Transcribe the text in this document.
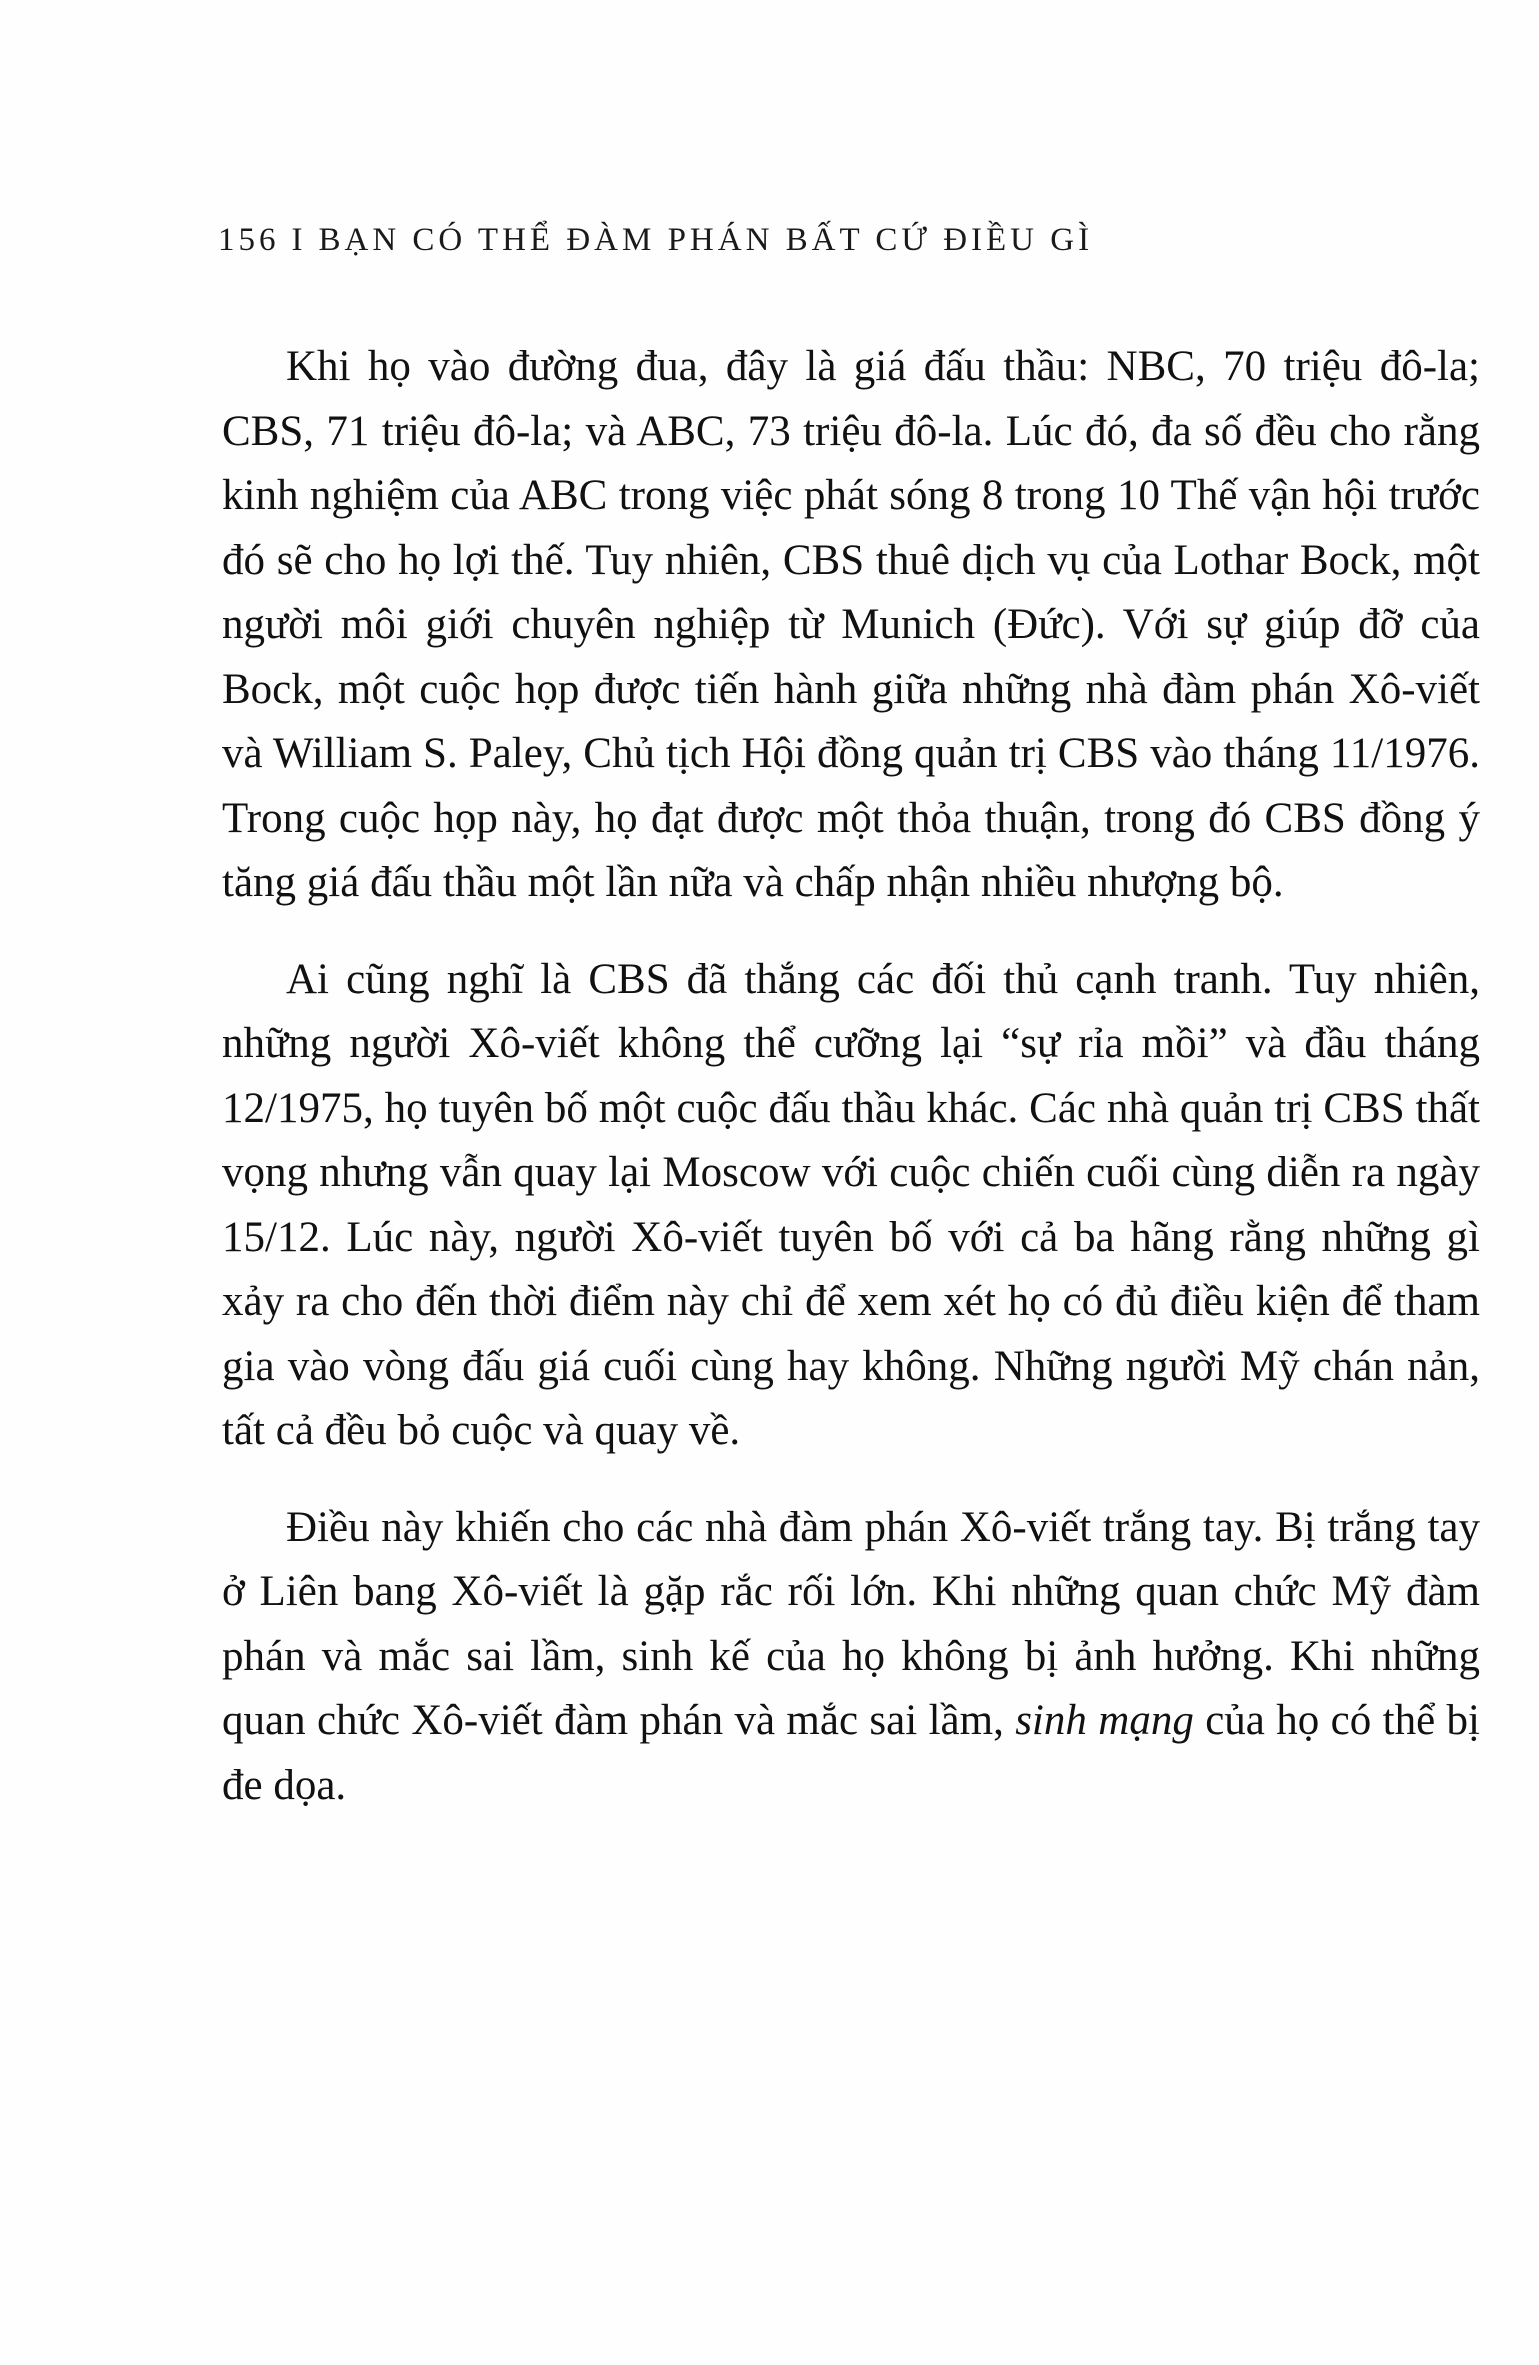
156 I BẠN CÓ THỂ ĐÀM PHÁN BẤT CỨ ĐIỀU GÌ

Khi họ vào đường đua, đây là giá đấu thầu: NBC, 70 triệu đô-la; CBS, 71 triệu đô-la; và ABC, 73 triệu đô-la. Lúc đó, đa số đều cho rằng kinh nghiệm của ABC trong việc phát sóng 8 trong 10 Thế vận hội trước đó sẽ cho họ lợi thế. Tuy nhiên, CBS thuê dịch vụ của Lothar Bock, một người môi giới chuyên nghiệp từ Munich (Đức). Với sự giúp đỡ của Bock, một cuộc họp được tiến hành giữa những nhà đàm phán Xô-viết và William S. Paley, Chủ tịch Hội đồng quản trị CBS vào tháng 11/1976. Trong cuộc họp này, họ đạt được một thỏa thuận, trong đó CBS đồng ý tăng giá đấu thầu một lần nữa và chấp nhận nhiều nhượng bộ.

Ai cũng nghĩ là CBS đã thắng các đối thủ cạnh tranh. Tuy nhiên, những người Xô-viết không thể cưỡng lại “sự rỉa mồi” và đầu tháng 12/1975, họ tuyên bố một cuộc đấu thầu khác. Các nhà quản trị CBS thất vọng nhưng vẫn quay lại Moscow với cuộc chiến cuối cùng diễn ra ngày 15/12. Lúc này, người Xô-viết tuyên bố với cả ba hãng rằng những gì xảy ra cho đến thời điểm này chỉ để xem xét họ có đủ điều kiện để tham gia vào vòng đấu giá cuối cùng hay không. Những người Mỹ chán nản, tất cả đều bỏ cuộc và quay về.

Điều này khiến cho các nhà đàm phán Xô-viết trắng tay. Bị trắng tay ở Liên bang Xô-viết là gặp rắc rối lớn. Khi những quan chức Mỹ đàm phán và mắc sai lầm, sinh kế của họ không bị ảnh hưởng. Khi những quan chức Xô-viết đàm phán và mắc sai lầm, sinh mạng của họ có thể bị đe dọa.
